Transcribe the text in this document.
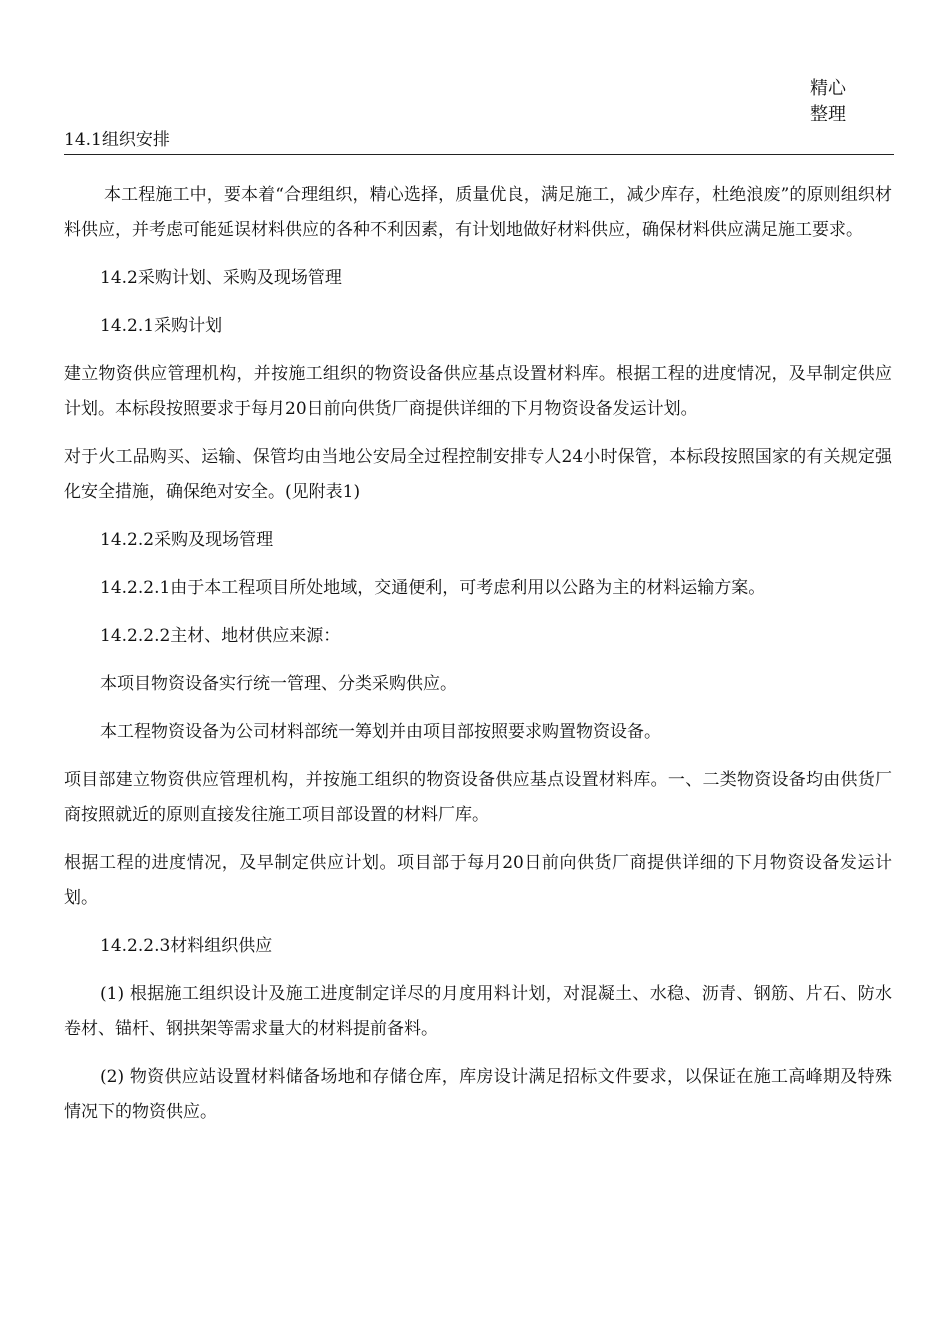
精心
整理
14.1组织安排

本工程施工中，要本着“合理组织，精心选择，质量优良，满足施工，减少库存，杜绝浪废”的原则组织材料供应，并考虑可能延误材料供应的各种不利因素，有计划地做好材料供应，确保材料供应满足施工要求。

14.2采购计划、采购及现场管理

14.2.1采购计划

建立物资供应管理机构，并按施工组织的物资设备供应基点设置材料库。根据工程的进度情况，及早制定供应计划。本标段按照要求于每月20日前向供货厂商提供详细的下月物资设备发运计划。

对于火工品购买、运输、保管均由当地公安局全过程控制安排专人24小时保管，本标段按照国家的有关规定强化安全措施，确保绝对安全。(见附表1)

14.2.2采购及现场管理

14.2.2.1由于本工程项目所处地域，交通便利，可考虑利用以公路为主的材料运输方案。

14.2.2.2主材、地材供应来源：

本项目物资设备实行统一管理、分类采购供应。

本工程物资设备为公司材料部统一筹划并由项目部按照要求购置物资设备。

项目部建立物资供应管理机构，并按施工组织的物资设备供应基点设置材料库。一、二类物资设备均由供货厂商按照就近的原则直接发往施工项目部设置的材料厂库。

根据工程的进度情况，及早制定供应计划。项目部于每月20日前向供货厂商提供详细的下月物资设备发运计划。

14.2.2.3材料组织供应

(1) 根据施工组织设计及施工进度制定详尽的月度用料计划，对混凝土、水稳、沥青、钢筋、片石、防水卷材、锚杆、钢拱架等需求量大的材料提前备料。

(2) 物资供应站设置材料储备场地和存储仓库，库房设计满足招标文件要求，以保证在施工高峰期及特殊情况下的物资供应。
